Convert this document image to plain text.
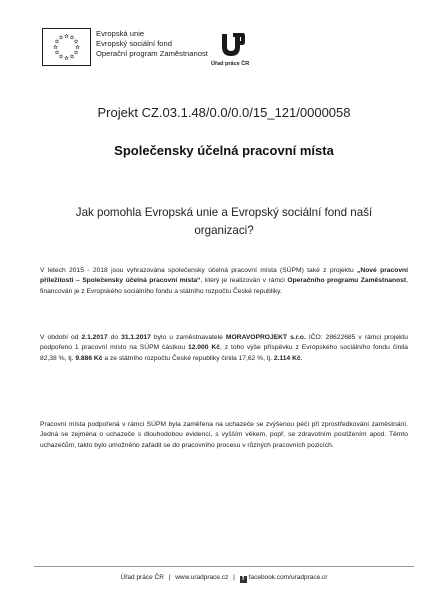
Evropská unie
Evropský sociální fond
Operační program Zaměstnanost
Úřad práce ČR
Projekt CZ.03.1.48/0.0/0.0/15_121/0000058
Společensky účelná pracovní místa
Jak pomohla Evropská unie a Evropský sociální fond naší organizaci?
V letech 2015 - 2018 jsou vyhrazována společensky účelná pracovní místa (SÚPM) také z projektu „Nové pracovní příležitosti – Společensky účelná pracovní místa“, který je realizován v rámci Operačního programu Zaměstnanost, financován je z Evropského sociálního fondu a státního rozpočtu České republiky.
V období od 2.1.2017 do 31.1.2017 bylo u zaměstnavatele MORAVOPROJEKT s.r.o. IČO: 28622685 v rámci projektu podpořeno 1 pracovní místo na SÚPM částkou 12.000 Kč, z toho výše příspěvku z Evropského sociálního fondu činila 82,38 %, tj. 9.886 Kč a ze státního rozpočtu České republiky činila 17,62 %, tj. 2.114 Kč.
Pracovní místa podpořená v rámci SÚPM byla zaměřena na uchazeče se zvýšenou péčí při zprostředkování zaměstnání. Jedná se zejména o uchazeče s dlouhodobou evidencí, s vyšším věkem, popř. se zdravotním postižením apod. Těmto uchazečům, takto bylo umožněno zařadit se do pracovního procesu v různých pracovních pozicích.
Úřad práce ČR | www.uradprace.cz | f facebook.com/uradprace.cr
